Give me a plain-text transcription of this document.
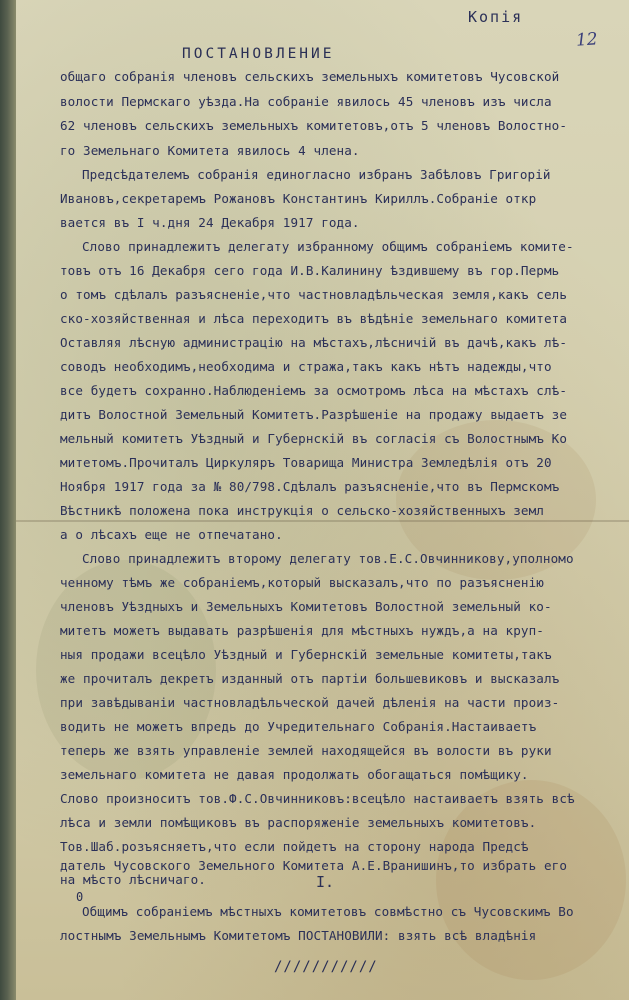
Копія
12
ПОСТАНОВЛЕНИЕ
общаго собранія членовъ сельскихъ земельныхъ комитетовъ Чусовской
волости Пермскаго уѣзда.На собраніе явилось 45 членовъ изъ числа
62 членовъ сельскихъ земельныхъ комитетовъ,отъ 5 членовъ Волостно-
го Земельнаго Комитета явилось 4 члена.
Предсѣдателемъ собранія единогласно избранъ Забѣловъ Григорій
Ивановъ,секретаремъ Рожановъ Константинъ Кириллъ.Собраніе откр
вается въ I ч.дня 24 Декабря 1917 года.
Слово принадлежитъ делегату избранному общимъ собраніемъ комите-
товъ отъ 16 Декабря сего года И.В.Калинину ѣздившему въ гор.Пермь
о томъ сдѣлалъ разъясненіе,что частновладѣльческая земля,какъ сель
ско-хозяйственная и лѣса переходитъ въ вѣдѣніе земельнаго комитета
Оставляя лѣсную администрацію на мѣстахъ,лѣсничій въ дачѣ,какъ лѣ-
соводъ необходимъ,необходима и стража,такъ какъ нѣтъ надежды,что
все будетъ сохранно.Наблюденіемъ за осмотромъ лѣса на мѣстахъ слѣ-
дитъ Волостной Земельный Комитетъ.Разрѣшеніе на продажу выдаетъ зе
мельный комитетъ Уѣздный и Губернскій въ согласія съ Волостнымъ Ко
митетомъ.Прочиталъ Циркуляръ Товарища Министра Земледѣлія отъ 20
Ноября 1917 года за № 80/798.Сдѣлалъ разъясненіе,что въ Пермскомъ
Вѣстникѣ положена пока инструкція о сельско-хозяйственныхъ земл
а о лѣсахъ еще не отпечатано.
Слово принадлежитъ второму делегату тов.Е.С.Овчинникову,уполномо
ченному тѣмъ же собраніемъ,который высказалъ,что по разъясненію
членовъ Уѣздныхъ и Земельныхъ Комитетовъ Волостной земельный ко-
митетъ можетъ выдавать разрѣшенія для мѣстныхъ нуждъ,а на круп-
ныя продажи всецѣло Уѣздный и Губернскій земельные комитеты,такъ
же прочиталъ декретъ изданный отъ партіи большевиковъ и высказалъ
при завѣдываніи частновладѣльческой дачей дѣленія на части произ-
водить не можетъ впредь до Учредительнаго Собранія.Настаиваетъ
теперь же взять управленіе землей находящейся въ волости въ руки
земельнаго комитета не давая продолжать обогащаться помѣщику.
Слово произноситъ тов.Ф.С.Овчинниковъ:всецѣло настаиваетъ взять всѣ
лѣса и земли помѣщиковъ въ распоряженіе земельныхъ комитетовъ.
Тов.Шаб.розъясняетъ,что если пойдетъ на сторону народа Предсѣ
датель Чусовского Земельного Комитета А.Е.Вранишинъ,то избрать его
на мѣсто лѣсничаго.	I.
0
Общимъ собраніемъ мѣстныхъ комитетовъ совмѣстно съ Чусовскимъ Во
лостнымъ Земельнымъ Комитетомъ ПОСТАНОВИЛИ: взять всѣ владѣнія
///////////
